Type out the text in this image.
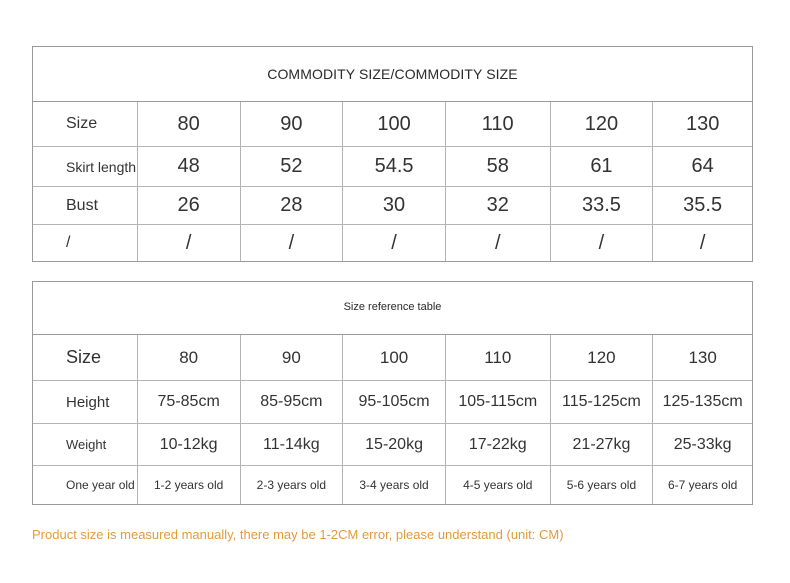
COMMODITY SIZE/COMMODITY SIZE
Size	80	90	100	110	120	130
Skirt length	48	52	54.5	58	61	64
Bust	26	28	30	32	33.5	35.5
/	/	/	/	/	/	/
Size reference table
Size	80	90	100	110	120	130
Height	75-85cm	85-95cm	95-105cm	105-115cm	115-125cm	125-135cm
Weight	10-12kg	11-14kg	15-20kg	17-22kg	21-27kg	25-33kg
One year old	1-2 years old	2-3 years old	3-4 years old	4-5 years old	5-6 years old	6-7 years old
Product size is measured manually, there may be 1-2CM error, please understand (unit: CM)
